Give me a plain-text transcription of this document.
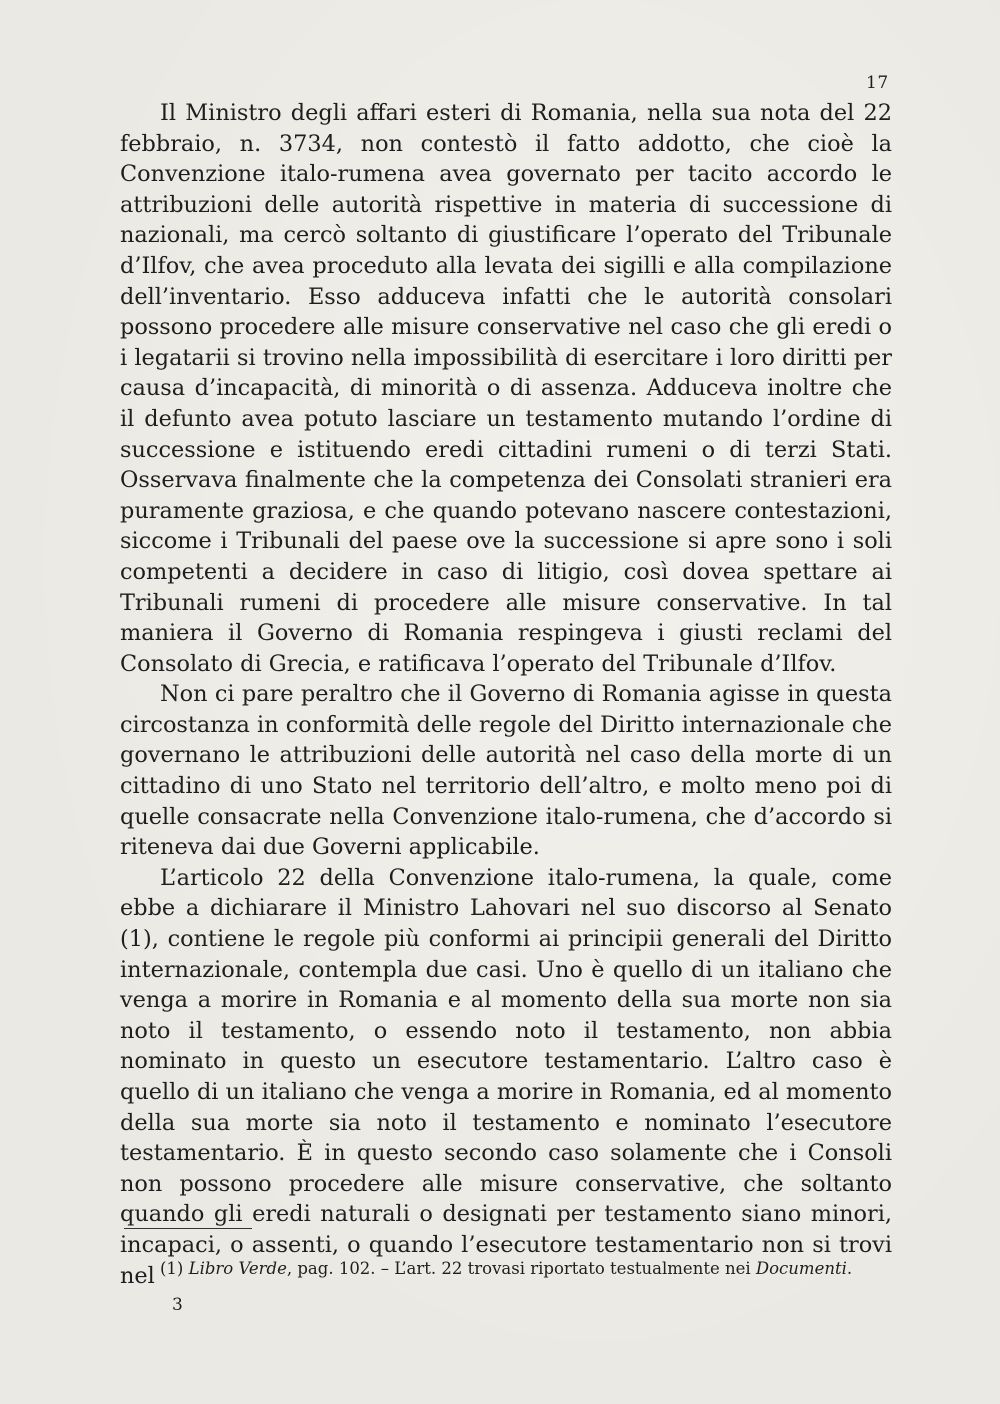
17

Il Ministro degli affari esteri di Romania, nella sua nota del 22 febbraio, n. 3734, non contestò il fatto addotto, che cioè la Convenzione italo-rumena avea governato per tacito accordo le attribuzioni delle autorità rispettive in materia di successione di nazionali, ma cercò soltanto di giustificare l’operato del Tribunale d’Ilfov, che avea proceduto alla levata dei sigilli e alla compilazione dell’inventario. Esso adduceva infatti che le autorità consolari possono procedere alle misure conservative nel caso che gli eredi o i legatarii si trovino nella impossibilità di esercitare i loro diritti per causa d’incapacità, di minorità o di assenza. Adduceva inoltre che il defunto avea potuto lasciare un testamento mutando l’ordine di successione e istituendo eredi cittadini rumeni o di terzi Stati. Osservava finalmente che la competenza dei Consolati stranieri era puramente graziosa, e che quando potevano nascere contestazioni, siccome i Tribunali del paese ove la successione si apre sono i soli competenti a decidere in caso di litigio, così dovea spettare ai Tribunali rumeni di procedere alle misure conservative. In tal maniera il Governo di Romania respingeva i giusti reclami del Consolato di Grecia, e ratificava l’operato del Tribunale d’Ilfov.

Non ci pare peraltro che il Governo di Romania agisse in questa circostanza in conformità delle regole del Diritto internazionale che governano le attribuzioni delle autorità nel caso della morte di un cittadino di uno Stato nel territorio dell’altro, e molto meno poi di quelle consacrate nella Convenzione italo-rumena, che d’accordo si riteneva dai due Governi applicabile.

L’articolo 22 della Convenzione italo-rumena, la quale, come ebbe a dichiarare il Ministro Lahovari nel suo discorso al Senato (1), contiene le regole più conformi ai principii generali del Diritto internazionale, contempla due casi. Uno è quello di un italiano che venga a morire in Romania e al momento della sua morte non sia noto il testamento, o essendo noto il testamento, non abbia nominato in questo un esecutore testamentario. L’altro caso è quello di un italiano che venga a morire in Romania, ed al momento della sua morte sia noto il testamento e nominato l’esecutore testamentario. È in questo secondo caso solamente che i Consoli non possono procedere alle misure conservative, che soltanto quando gli eredi naturali o designati per testamento siano minori, incapaci, o assenti, o quando l’esecutore testamentario non si trovi nel (1) Libro Verde, pag. 102. – L’art. 22 trovasi riportato testualmente nei Documenti.
3
